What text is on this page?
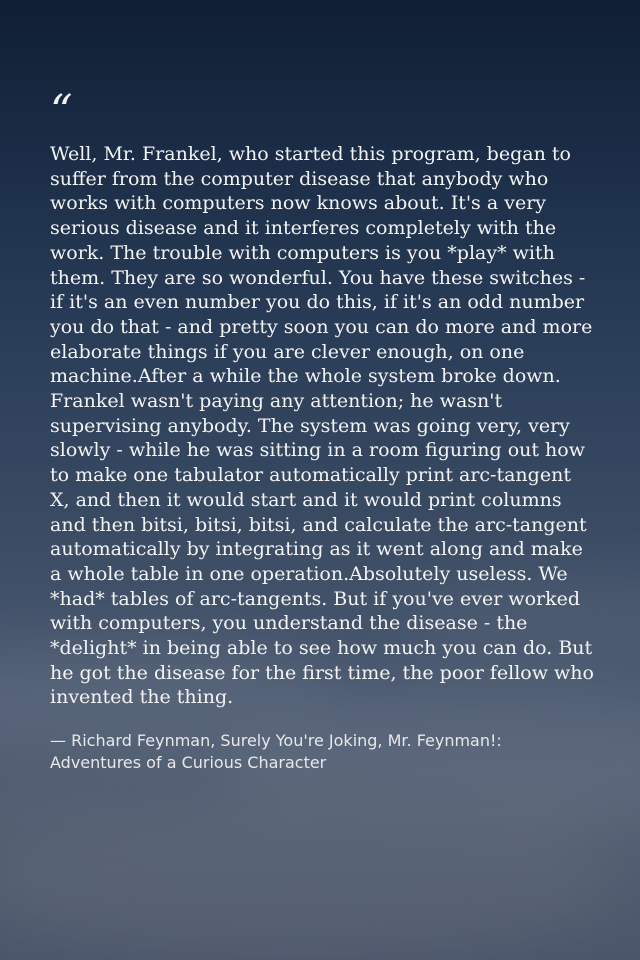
“

Well, Mr. Frankel, who started this program, began to suffer from the computer disease that anybody who works with computers now knows about. It's a very serious disease and it interferes completely with the work. The trouble with computers is you *play* with them. They are so wonderful. You have these switches - if it's an even number you do this, if it's an odd number you do that - and pretty soon you can do more and more elaborate things if you are clever enough, on one machine.After a while the whole system broke down. Frankel wasn't paying any attention; he wasn't supervising anybody. The system was going very, very slowly - while he was sitting in a room figuring out how to make one tabulator automatically print arc-tangent X, and then it would start and it would print columns and then bitsi, bitsi, bitsi, and calculate the arc-tangent automatically by integrating as it went along and make a whole table in one operation.Absolutely useless. We *had* tables of arc-tangents. But if you've ever worked with computers, you understand the disease - the *delight* in being able to see how much you can do. But he got the disease for the first time, the poor fellow who invented the thing.

— Richard Feynman, Surely You're Joking, Mr. Feynman!: Adventures of a Curious Character
